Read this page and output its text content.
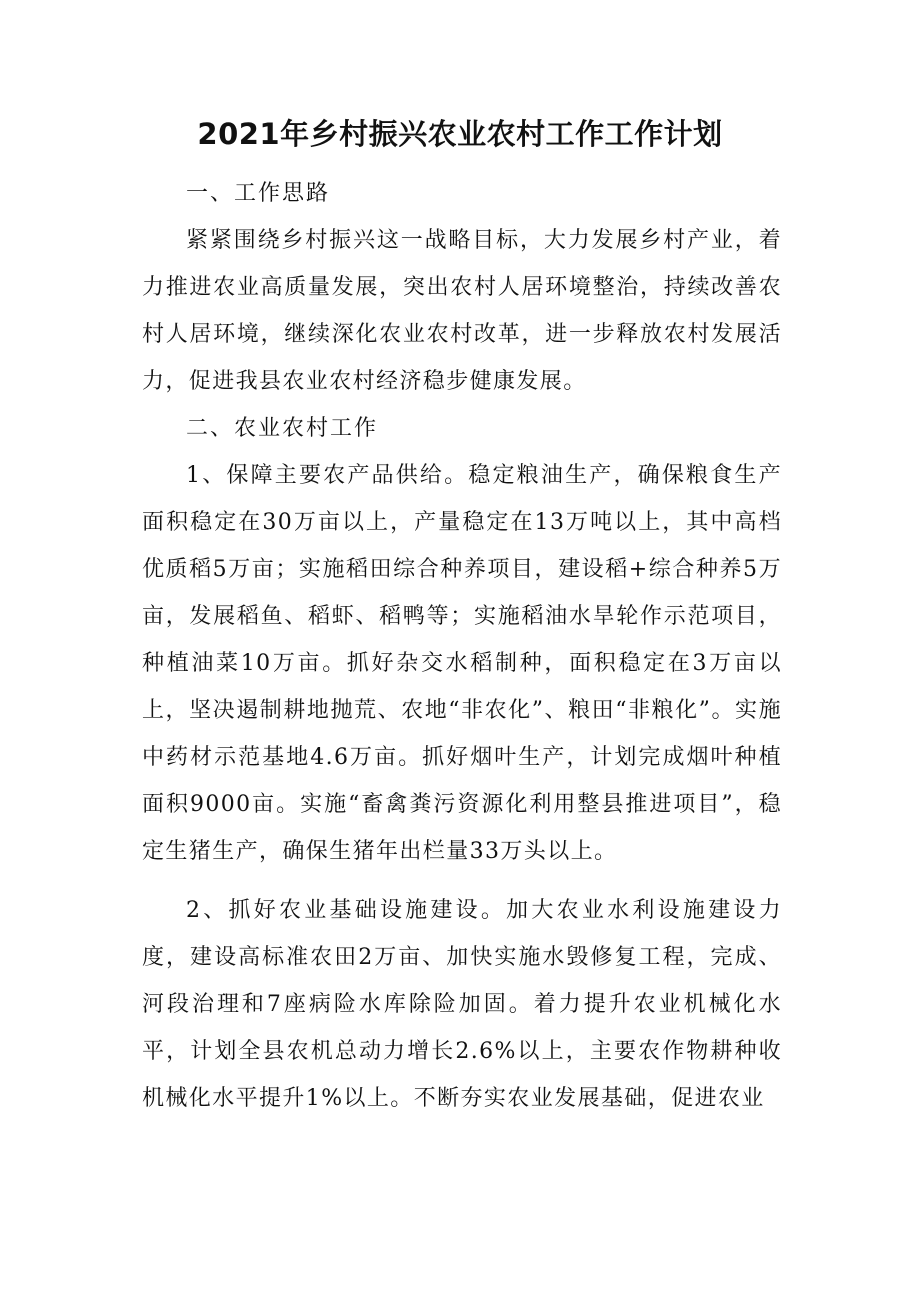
2021年乡村振兴农业农村工作工作计划

一、工作思路

紧紧围绕乡村振兴这一战略目标，大力发展乡村产业，着力推进农业高质量发展，突出农村人居环境整治，持续改善农村人居环境，继续深化农业农村改革，进一步释放农村发展活力，促进我县农业农村经济稳步健康发展。

二、农业农村工作

1、保障主要农产品供给。稳定粮油生产，确保粮食生产面积稳定在30万亩以上，产量稳定在13万吨以上，其中高档优质稻5万亩；实施稻田综合种养项目，建设稻+综合种养5万亩，发展稻鱼、稻虾、稻鸭等；实施稻油水旱轮作示范项目，种植油菜10万亩。抓好杂交水稻制种，面积稳定在3万亩以上，坚决遏制耕地抛荒、农地“非农化”、粮田“非粮化”。实施中药材示范基地4.6万亩。抓好烟叶生产，计划完成烟叶种植面积9000亩。实施“畜禽粪污资源化利用整县推进项目”，稳定生猪生产，确保生猪年出栏量33万头以上。

2、抓好农业基础设施建设。加大农业水利设施建设力度，建设高标准农田2万亩、加快实施水毁修复工程，完成、河段治理和7座病险水库除险加固。着力提升农业机械化水平，计划全县农机总动力增长2.6%以上，主要农作物耕种收机械化水平提升1%以上。不断夯实农业发展基础，促进农业
